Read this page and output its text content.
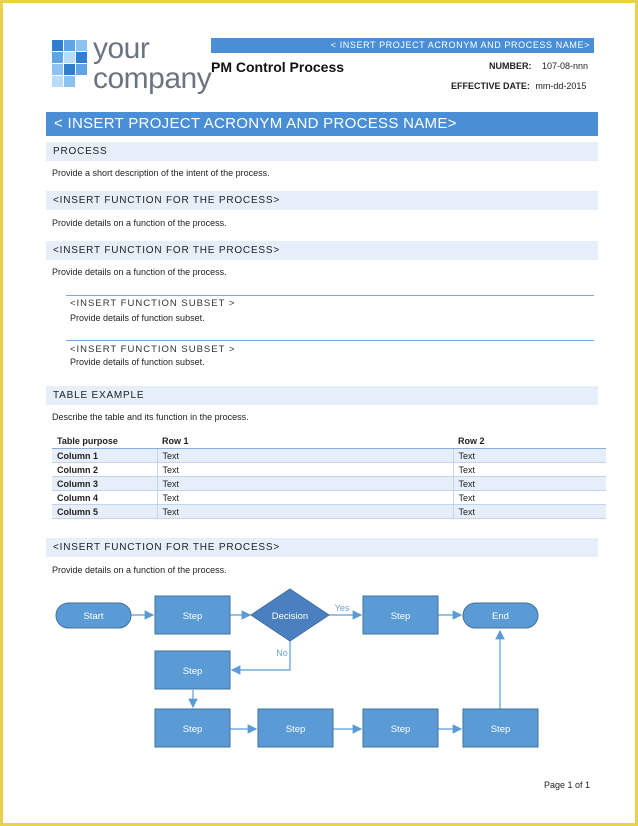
your
company
< INSERT PROJECT ACRONYM AND PROCESS NAME>
PM Control Process	NUMBER: 107-08-nnn
EFFECTIVE DATE: mm-dd-2015
< INSERT PROJECT ACRONYM AND PROCESS NAME>
PROCESS
Provide a short description of the intent of the process.
<INSERT FUNCTION FOR THE PROCESS>
Provide details on a function of the process.
<INSERT FUNCTION FOR THE PROCESS>
Provide details on a function of the process.
<INSERT FUNCTION SUBSET >
Provide details of function subset.
<INSERT FUNCTION SUBSET >
Provide details of function subset.
TABLE EXAMPLE
Describe the table and its function in the process.
Table purpose	Row 1	Row 2
Column 1	Text	Text
Column 2	Text	Text
Column 3	Text	Text
Column 4	Text	Text
Column 5	Text	Text
<INSERT FUNCTION FOR THE PROCESS>
Provide details on a function of the process.
Start	Step	Decision
Yes
No
Step	End
Step
Step	Step	Step	Step
Page 1 of 1
